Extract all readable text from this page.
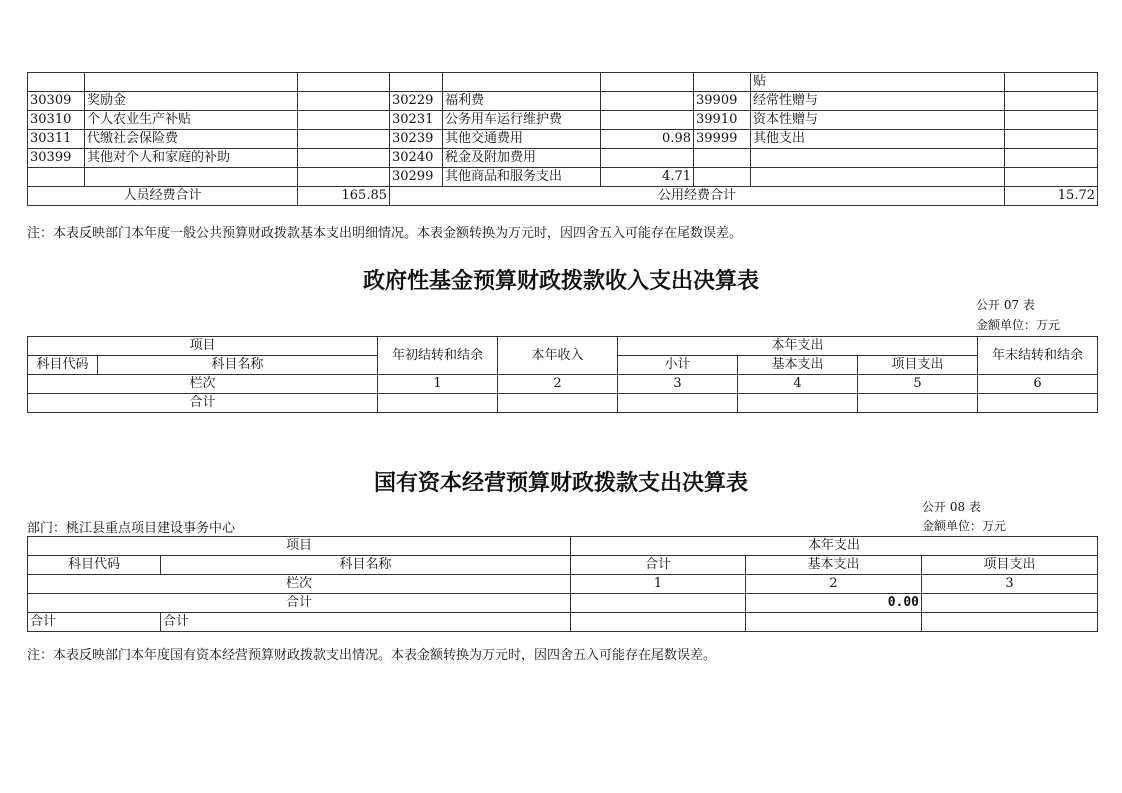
							贴	
30309	奖励金		30229	福利费		39909	经常性赠与	
30310	个人农业生产补贴		30231	公务用车运行维护费		39910	资本性赠与	
30311	代缴社会保险费		30239	其他交通费用	0.98	39999	其他支出	
30399	其他对个人和家庭的补助		30240	税金及附加费用				
			30299	其他商品和服务支出	4.71			
人员经费合计		165.85	公用经费合计					15.72
注：本表反映部门本年度一般公共预算财政拨款基本支出明细情况。本表金额转换为万元时，因四舍五入可能存在尾数误差。
政府性基金预算财政拨款收入支出决算表
公开 07 表
金额单位：万元
项目		年初结转和结余	本年收入	本年支出			年末结转和结余
科目代码	科目名称			小计	基本支出	项目支出	
栏次		1	2	3	4	5	6
合计							
国有资本经营预算财政拨款支出决算表
公开 08 表
部门：桃江县重点项目建设事务中心	金额单位：万元
项目		本年支出		
科目代码	科目名称	合计	基本支出	项目支出
栏次		1	2	3
合计			0.00	
合计	合计			
注：本表反映部门本年度国有资本经营预算财政拨款支出情况。本表金额转换为万元时，因四舍五入可能存在尾数误差。
